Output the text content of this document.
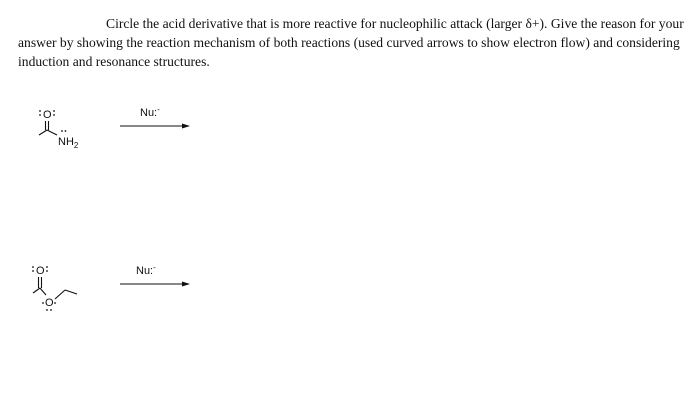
Circle the acid derivative that is more reactive for nucleophilic attack (larger δ+). Give the reason for your answer by showing the reaction mechanism of both reactions (used curved arrows to show electron flow) and considering induction and resonance structures.

O
$NH_2$
Nu:-
O
O
Nu:-
